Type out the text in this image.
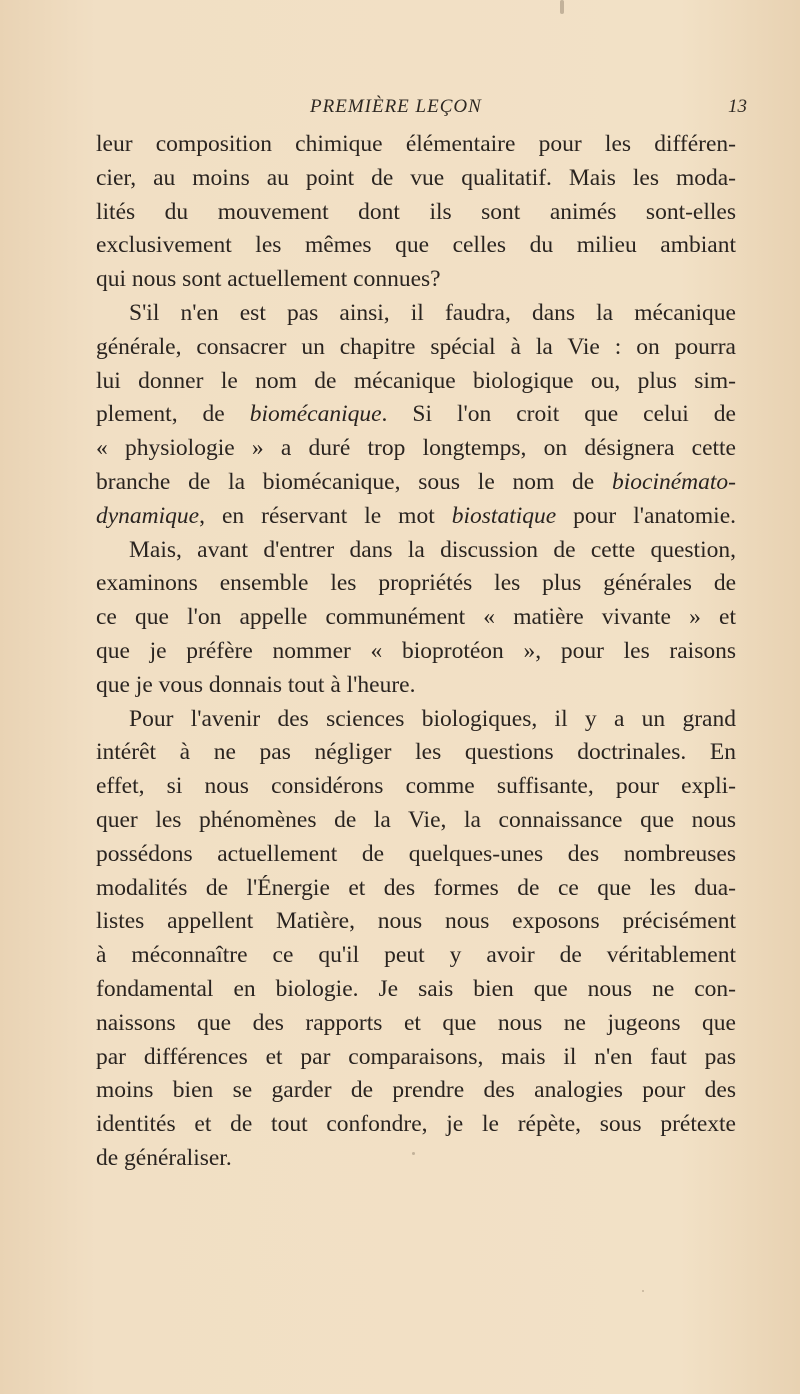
PREMIÈRE LEÇON	13
leur composition chimique élémentaire pour les différen-
cier, au moins au point de vue qualitatif. Mais les moda-
lités du mouvement dont ils sont animés sont-elles
exclusivement les mêmes que celles du milieu ambiant
qui nous sont actuellement connues?
S'il n'en est pas ainsi, il faudra, dans la mécanique
générale, consacrer un chapitre spécial à la Vie : on pourra
lui donner le nom de mécanique biologique ou, plus sim-
plement, de biomécanique. Si l'on croit que celui de
« physiologie » a duré trop longtemps, on désignera cette
branche de la biomécanique, sous le nom de biocinémato-
dynamique, en réservant le mot biostatique pour l'anatomie.
Mais, avant d'entrer dans la discussion de cette question,
examinons ensemble les propriétés les plus générales de
ce que l'on appelle communément « matière vivante » et
que je préfère nommer « bioprotéon », pour les raisons
que je vous donnais tout à l'heure.
Pour l'avenir des sciences biologiques, il y a un grand
intérêt à ne pas négliger les questions doctrinales. En
effet, si nous considérons comme suffisante, pour expli-
quer les phénomènes de la Vie, la connaissance que nous
possédons actuellement de quelques-unes des nombreuses
modalités de l'Énergie et des formes de ce que les dua-
listes appellent Matière, nous nous exposons précisément
à méconnaître ce qu'il peut y avoir de véritablement
fondamental en biologie. Je sais bien que nous ne con-
naissons que des rapports et que nous ne jugeons que
par différences et par comparaisons, mais il n'en faut pas
moins bien se garder de prendre des analogies pour des
identités et de tout confondre, je le répète, sous prétexte
de généraliser.
